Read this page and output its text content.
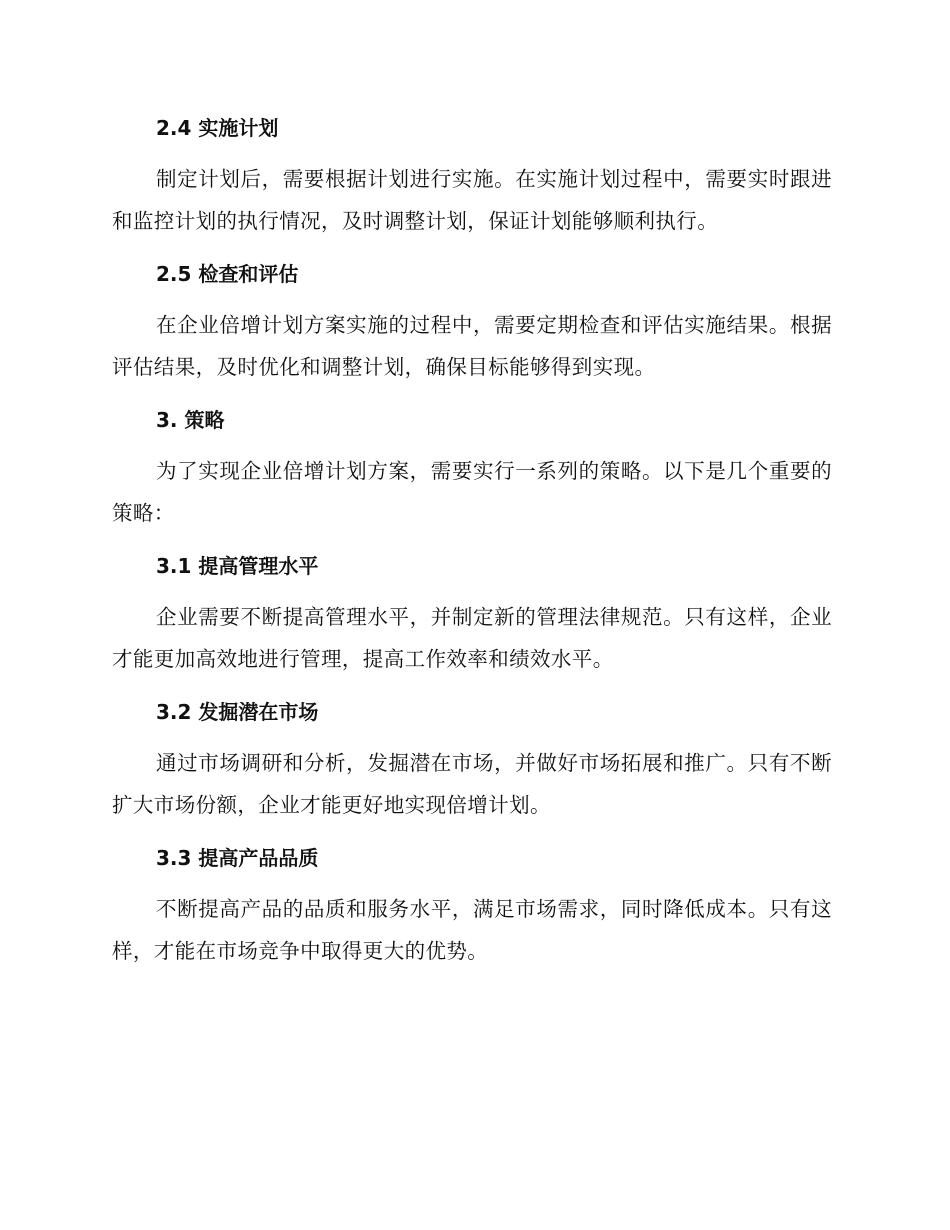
2.4 实施计划

制定计划后，需要根据计划进行实施。在实施计划过程中，需要实时跟进和监控计划的执行情况，及时调整计划，保证计划能够顺利执行。

2.5 检查和评估

在企业倍增计划方案实施的过程中，需要定期检查和评估实施结果。根据评估结果，及时优化和调整计划，确保目标能够得到实现。

3. 策略

为了实现企业倍增计划方案，需要实行一系列的策略。以下是几个重要的策略：

3.1 提高管理水平

企业需要不断提高管理水平，并制定新的管理法律规范。只有这样，企业才能更加高效地进行管理，提高工作效率和绩效水平。

3.2 发掘潜在市场

通过市场调研和分析，发掘潜在市场，并做好市场拓展和推广。只有不断扩大市场份额，企业才能更好地实现倍增计划。

3.3 提高产品品质

不断提高产品的品质和服务水平，满足市场需求，同时降低成本。只有这样，才能在市场竞争中取得更大的优势。
